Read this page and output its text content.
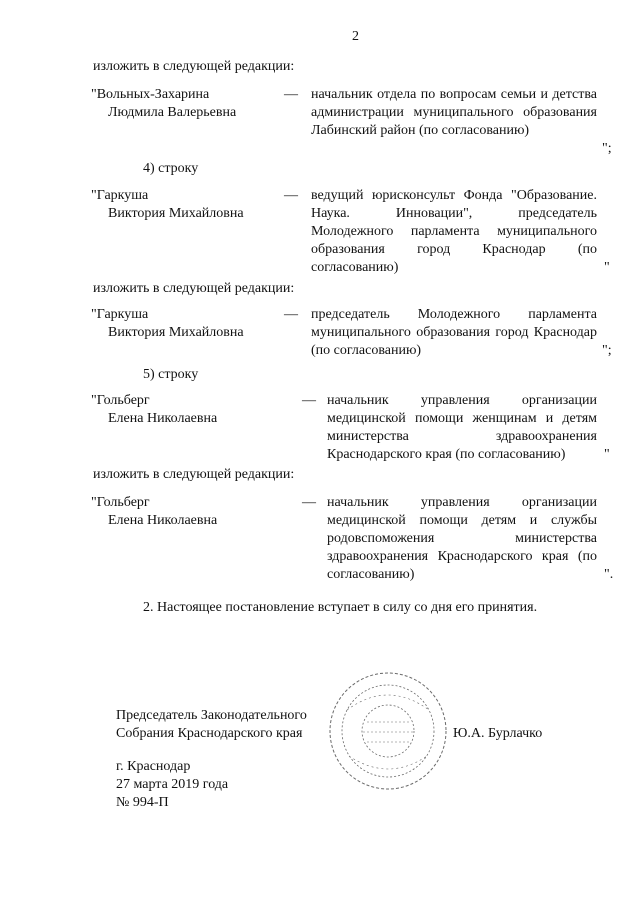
2
изложить в следующей редакции:
"Вольных-Захарина
Людмила Валерьевна
— начальник отдела по вопросам семьи и детства администрации муниципального образования Лабинский район (по согласованию)
";
4) строку
"Гаркуша
Виктория Михайловна
— ведущий юрисконсульт Фонда "Образование. Наука. Инновации", председатель Молодежного парламента муниципального образования город Краснодар (по согласованию)	"
изложить в следующей редакции:
"Гаркуша
Виктория Михайловна
— председатель Молодежного парламента муниципального образования город Краснодар (по согласованию)	";
5) строку
"Гольберг
Елена Николаевна
— начальник управления организации медицинской помощи женщинам и детям министерства здравоохранения Краснодарского края (по согласованию)	"
изложить в следующей редакции:
"Гольберг
Елена Николаевна
— начальник управления организации медицинской помощи детям и службы родовспоможения министерства здравоохранения Краснодарского края (по согласованию)	".
2. Настоящее постановление вступает в силу со дня его принятия.
Председатель Законодательного
Собрания Краснодарского края	Ю.А. Бурлачко
г. Краснодар
27 марта 2019 года
№ 994-П
